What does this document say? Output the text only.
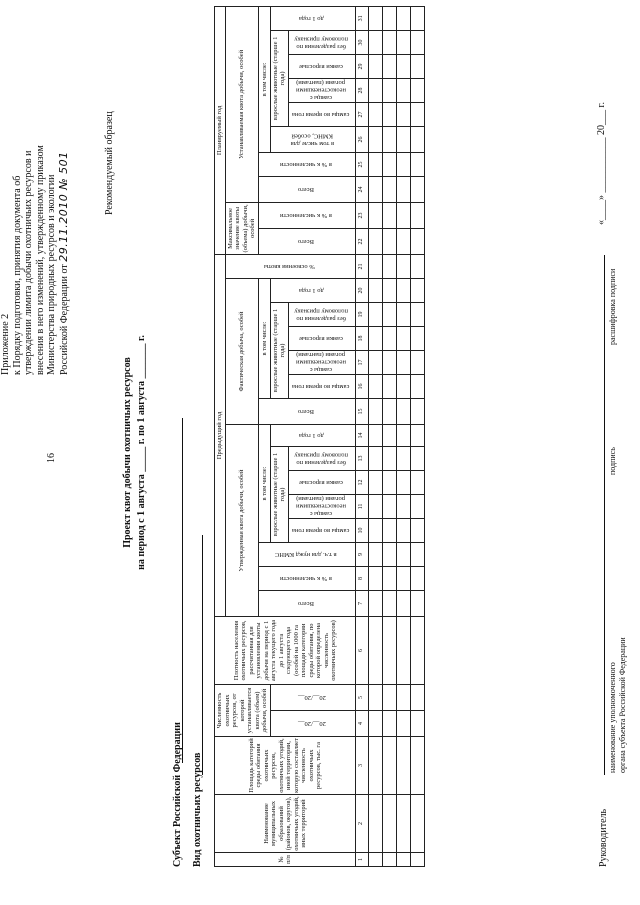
16
Приложение 2 к Порядку подготовки, принятия документа об утверждении лимита добычи охотничьих ресурсов и внесения в него изменений, утвержденному приказом Министерства природных ресурсов и экологии Российской Федерации от 29.11.2010 № 501	Рекомендуемый образец
Проект квот добычи охотничьих ресурсов на период с 1 августа _____ г. по 1 августа _______ г.
Субъект Российской Федерации Вид охотничьих ресурсов	№ п/п	Наименование муниципальных образований (районов, округов), охотничьих угодий, иных территорий	Площадь категорий среды обитания охотничьих ресурсов, охотничьих угодий, иной территории, которую составляет численность охотничьих ресурсов, тыс. га	Численность охотничьих ресурсов, от которой устанавливается квота (объем) добычи, особей		Плотность населения охотничьих ресурсов, рассчитанная для установления квоты добычи на период с 1 августа текущего года до 1 августа следующего года (особей на 1000 га площади категории среды обитания, по которой определена численность охотничьих ресурсов)	Предыдущий год															Планируемый год									
						Утвержденная квота добычи, особей								Фактическая добыча, особей						% освоения квоты	Максимальное значение квоты (объема) добычи, особей		Устанавливаемая квота добычи, особей							
						Всего	в % к численности	в т.ч. для нужд КМНС	в том числе:					Всего	в том числе:						Всего	в % к численности	Всего	в % к численности	в том числе:					
			20__/20__	20__/20__					взрослые животные (старше 1 года)				до 1 года		взрослые животные (старше 1 года)				до 1 года						в том числе для КМНС, особей	взрослые животные (старше 1 года)				до 1 года
									самцы во время гона	самцы с неокостеневшими рогами (пантами)	самки взрослые	без разделения по половому признаку			самцы во время гона	самцы с неокостеневшими рогами (пантами)	самки взрослые	без разделения по половому признаку								самцы во время гона	самцы с неокостеневшими рогами (пантами)	самки взрослые	без разделения по половому признаку	
1	2	3	4	5	6	7	8	9	10	11	12	13	14	15	16	17	18	19	20	21	22	23	24	25	26	27	28	29	30	31

Руководитель
«____» ___________ 20___ г.
наименование уполномоченного органа субъекта Российской Федерации
подпись
расшифровка подписи
